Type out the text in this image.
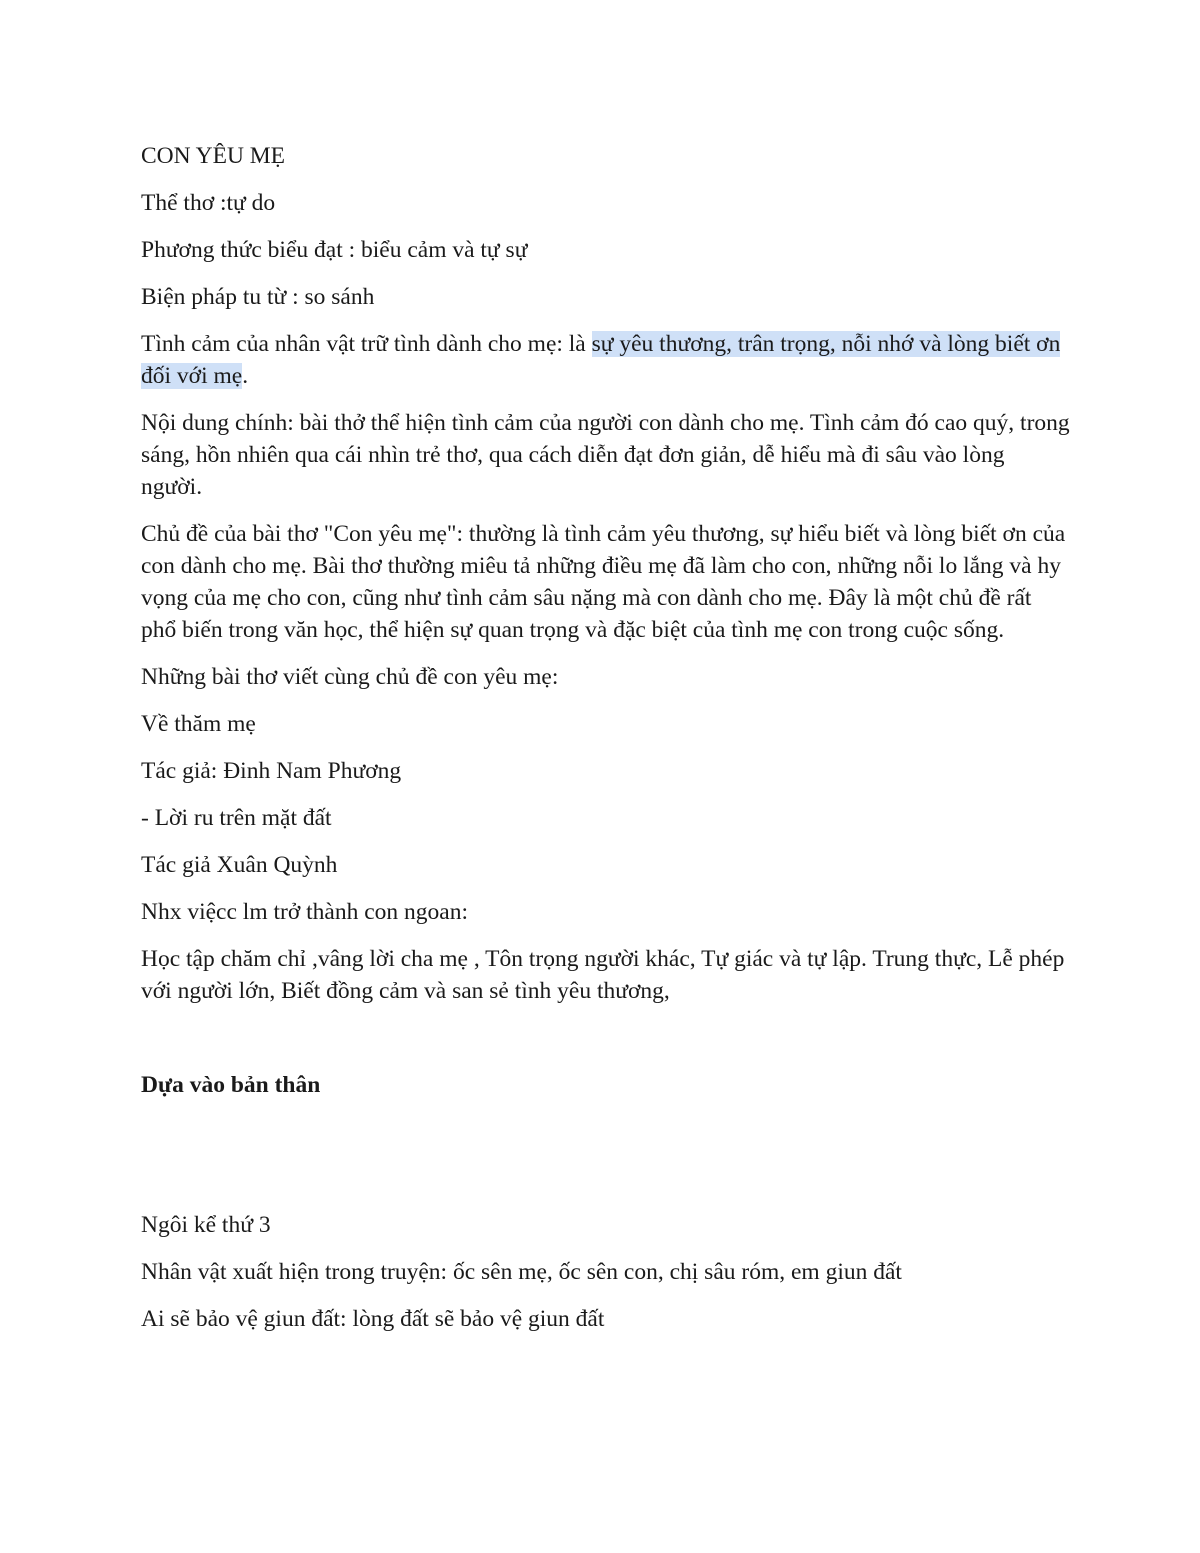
CON YÊU MẸ

Thể thơ :tự do

Phương thức biểu đạt : biểu cảm và tự sự

Biện pháp tu từ : so sánh

Tình cảm của nhân vật trữ tình dành cho mẹ: là sự yêu thương, trân trọng, nỗi nhớ và lòng biết ơn đối với mẹ.

Nội dung chính: bài thở thể hiện tình cảm của người con dành cho mẹ. Tình cảm đó cao quý, trong sáng, hồn nhiên qua cái nhìn trẻ thơ, qua cách diễn đạt đơn giản, dễ hiểu mà đi sâu vào lòng người.

Chủ đề của bài thơ "Con yêu mẹ": thường là tình cảm yêu thương, sự hiểu biết và lòng biết ơn của con dành cho mẹ. Bài thơ thường miêu tả những điều mẹ đã làm cho con, những nỗi lo lắng và hy vọng của mẹ cho con, cũng như tình cảm sâu nặng mà con dành cho mẹ. Đây là một chủ đề rất phổ biến trong văn học, thể hiện sự quan trọng và đặc biệt của tình mẹ con trong cuộc sống.

Những bài thơ viết cùng chủ đề con yêu mẹ:

Về thăm mẹ

Tác giả: Đinh Nam Phương

- Lời ru trên mặt đất

Tác giả Xuân Quỳnh

Nhx việcc lm trở thành con ngoan:

Học tập chăm chỉ ,vâng lời cha mẹ , Tôn trọng người khác, Tự giác và tự lập. Trung thực, Lễ phép với người lớn, Biết đồng cảm và san sẻ tình yêu thương,

Dựa vào bản thân

Ngôi kể thứ 3

Nhân vật xuất hiện trong truyện: ốc sên mẹ, ốc sên con, chị sâu róm, em giun đất

Ai sẽ bảo vệ giun đất: lòng đất sẽ bảo vệ giun đất
